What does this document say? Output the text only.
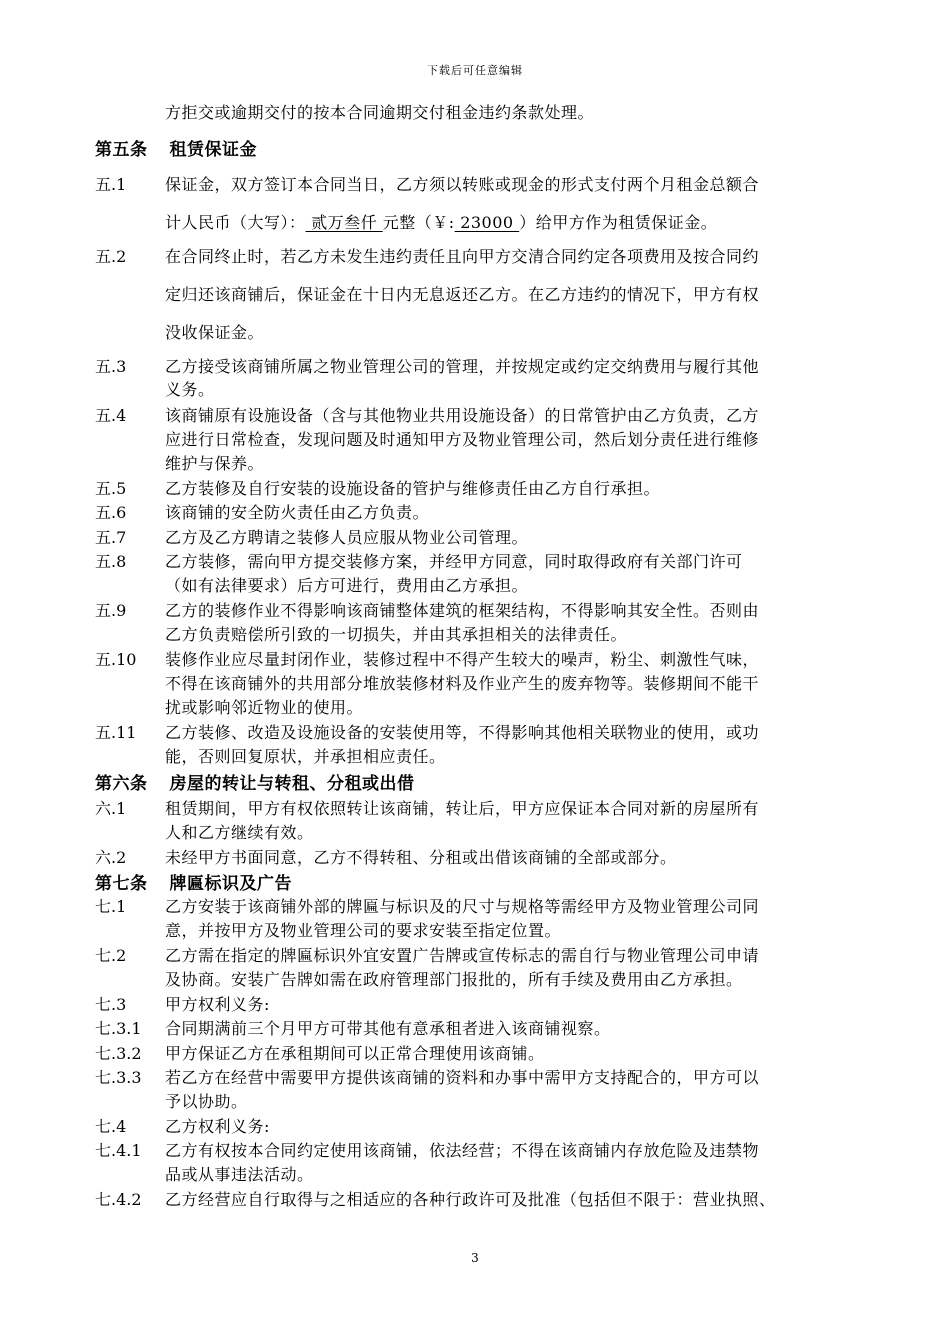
下载后可任意编辑
方拒交或逾期交付的按本合同逾期交付租金违约条款处理。
第五条 租赁保证金
五.1 保证金，双方签订本合同当日，乙方须以转账或现金的形式支付两个月租金总额合
计人民币（大写）： 贰万叁仟 元整（￥: 23000 ）给甲方作为租赁保证金。
五.2 在合同终止时，若乙方未发生违约责任且向甲方交清合同约定各项费用及按合同约
定归还该商铺后，保证金在十日内无息返还乙方。在乙方违约的情况下，甲方有权
没收保证金。
五.3 乙方接受该商铺所属之物业管理公司的管理，并按规定或约定交纳费用与履行其他
义务。
五.4 该商铺原有设施设备（含与其他物业共用设施设备）的日常管护由乙方负责，乙方
应进行日常检查，发现问题及时通知甲方及物业管理公司，然后划分责任进行维修
维护与保养。
五.5 乙方装修及自行安装的设施设备的管护与维修责任由乙方自行承担。
五.6 该商铺的安全防火责任由乙方负责。
五.7 乙方及乙方聘请之装修人员应服从物业公司管理。
五.8 乙方装修，需向甲方提交装修方案，并经甲方同意，同时取得政府有关部门许可
（如有法律要求）后方可进行，费用由乙方承担。
五.9 乙方的装修作业不得影响该商铺整体建筑的框架结构，不得影响其安全性。否则由
乙方负责赔偿所引致的一切损失，并由其承担相关的法律责任。
五.10 装修作业应尽量封闭作业，装修过程中不得产生较大的噪声，粉尘、刺激性气味，
不得在该商铺外的共用部分堆放装修材料及作业产生的废弃物等。装修期间不能干
扰或影响邻近物业的使用。
五.11 乙方装修、改造及设施设备的安装使用等，不得影响其他相关联物业的使用，或功
能，否则回复原状，并承担相应责任。
第六条 房屋的转让与转租、分租或出借
六.1 租赁期间，甲方有权依照转让该商铺，转让后，甲方应保证本合同对新的房屋所有
人和乙方继续有效。
六.2 未经甲方书面同意，乙方不得转租、分租或出借该商铺的全部或部分。
第七条 牌匾标识及广告
七.1 乙方安装于该商铺外部的牌匾与标识及的尺寸与规格等需经甲方及物业管理公司同
意，并按甲方及物业管理公司的要求安装至指定位置。
七.2 乙方需在指定的牌匾标识外宜安置广告牌或宣传标志的需自行与物业管理公司申请
及协商。安装广告牌如需在政府管理部门报批的，所有手续及费用由乙方承担。
七.3 甲方权利义务:
七.3.1 合同期满前三个月甲方可带其他有意承租者进入该商铺视察。
七.3.2 甲方保证乙方在承租期间可以正常合理使用该商铺。
七.3.3 若乙方在经营中需要甲方提供该商铺的资料和办事中需甲方支持配合的，甲方可以
予以协助。
七.4 乙方权利义务:
七.4.1 乙方有权按本合同约定使用该商铺，依法经营；不得在该商铺内存放危险及违禁物
品或从事违法活动。
七.4.2 乙方经营应自行取得与之相适应的各种行政许可及批准（包括但不限于：营业执照、
3
